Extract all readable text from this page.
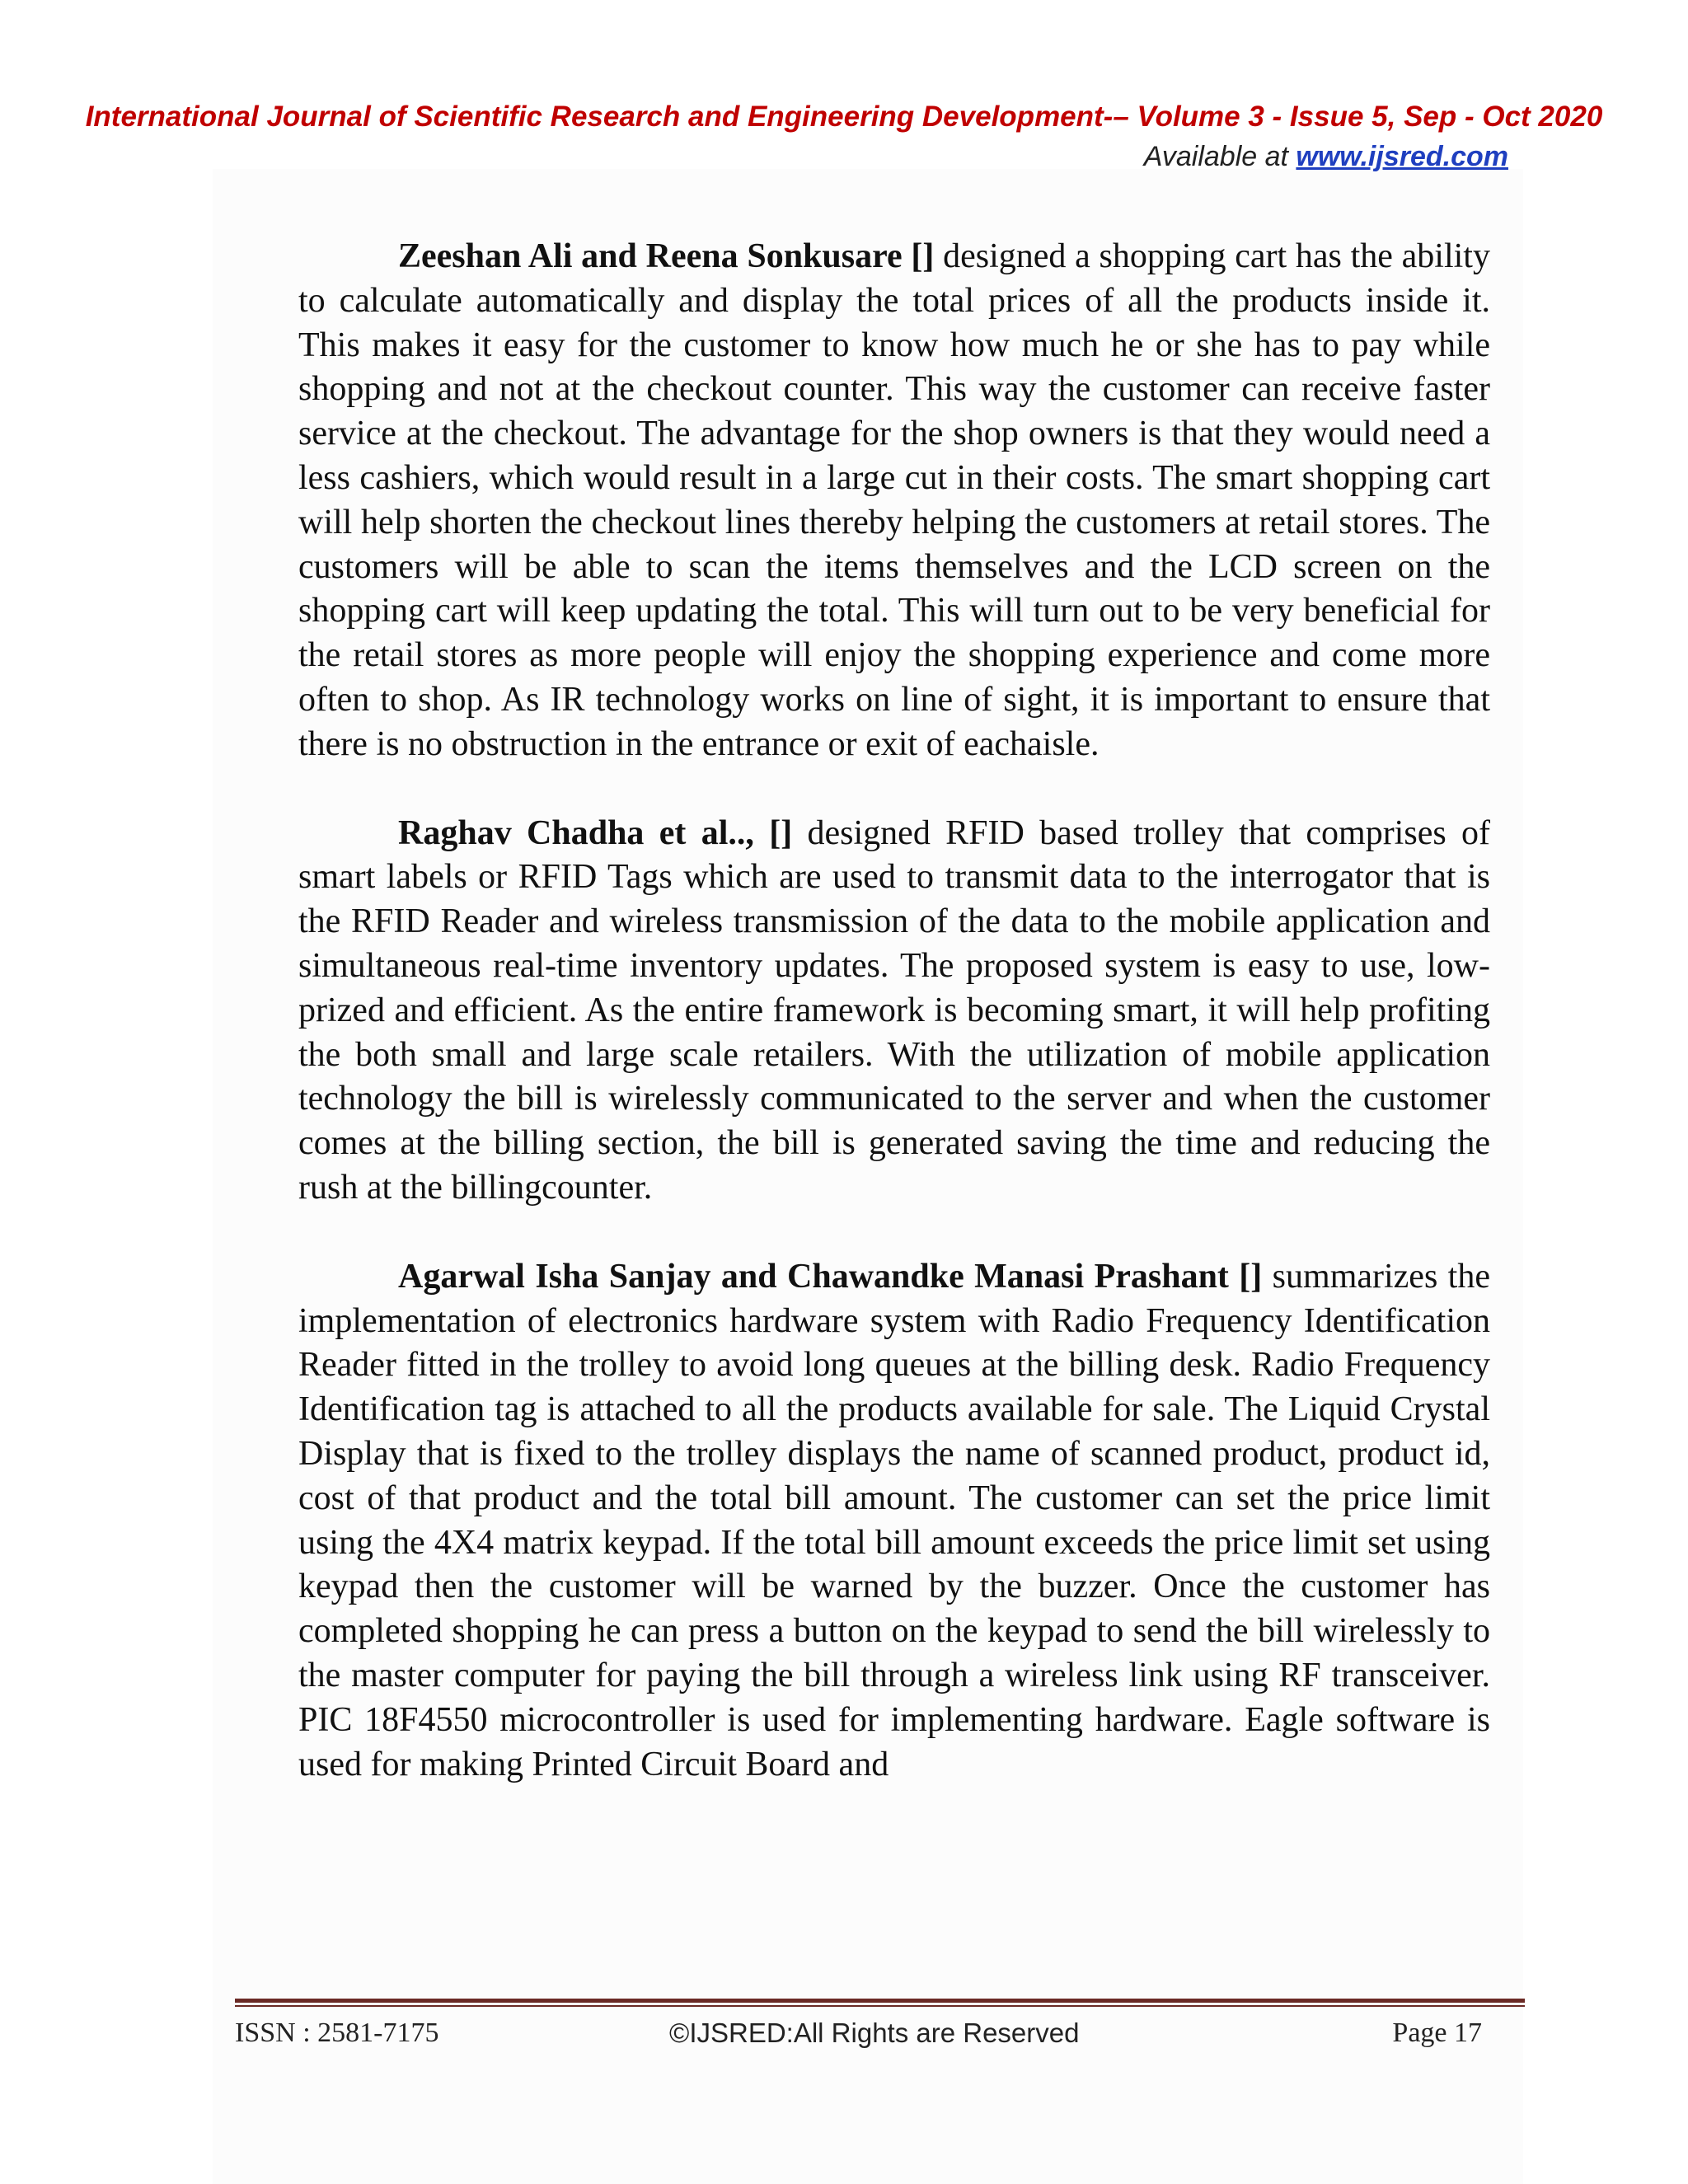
International Journal of Scientific Research and Engineering Development-– Volume 3 - Issue 5, Sep - Oct 2020
Available at www.ijsred.com

Zeeshan Ali and Reena Sonkusare [] designed a shopping cart has the ability to calculate automatically and display the total prices of all the products inside it. This makes it easy for the customer to know how much he or she has to pay while shopping and not at the checkout counter. This way the customer can receive faster service at the checkout. The advantage for the shop owners is that they would need a less cashiers, which would result in a large cut in their costs. The smart shopping cart will help shorten the checkout lines thereby helping the customers at retail stores. The customers will be able to scan the items themselves and the LCD screen on the shopping cart will keep updating the total. This will turn out to be very beneficial for the retail stores as more people will enjoy the shopping experience and come more often to shop. As IR technology works on line of sight, it is important to ensure that there is no obstruction in the entrance or exit of eachaisle.

Raghav Chadha et al.., [] designed RFID based trolley that comprises of smart labels or RFID Tags which are used to transmit data to the interrogator that is the RFID Reader and wireless transmission of the data to the mobile application and simultaneous real-time inventory updates. The proposed system is easy to use, low-prized and efficient. As the entire framework is becoming smart, it will help profiting the both small and large scale retailers. With the utilization of mobile application technology the bill is wirelessly communicated to the server and when the customer comes at the billing section, the bill is generated saving the time and reducing the rush at the billingcounter.

Agarwal Isha Sanjay and Chawandke Manasi Prashant [] summarizes the implementation of electronics hardware system with Radio Frequency Identification Reader fitted in the trolley to avoid long queues at the billing desk. Radio Frequency Identification tag is attached to all the products available for sale. The Liquid Crystal Display that is fixed to the trolley displays the name of scanned product, product id, cost of that product and the total bill amount. The customer can set the price limit using the 4X4 matrix keypad. If the total bill amount exceeds the price limit set using keypad then the customer will be warned by the buzzer. Once the customer has completed shopping he can press a button on the keypad to send the bill wirelessly to the master computer for paying the bill through a wireless link using RF transceiver. PIC 18F4550 microcontroller is used for implementing hardware. Eagle software is used for making Printed Circuit Board and

ISSN : 2581-7175	©IJSRED:All Rights are Reserved	Page 17
